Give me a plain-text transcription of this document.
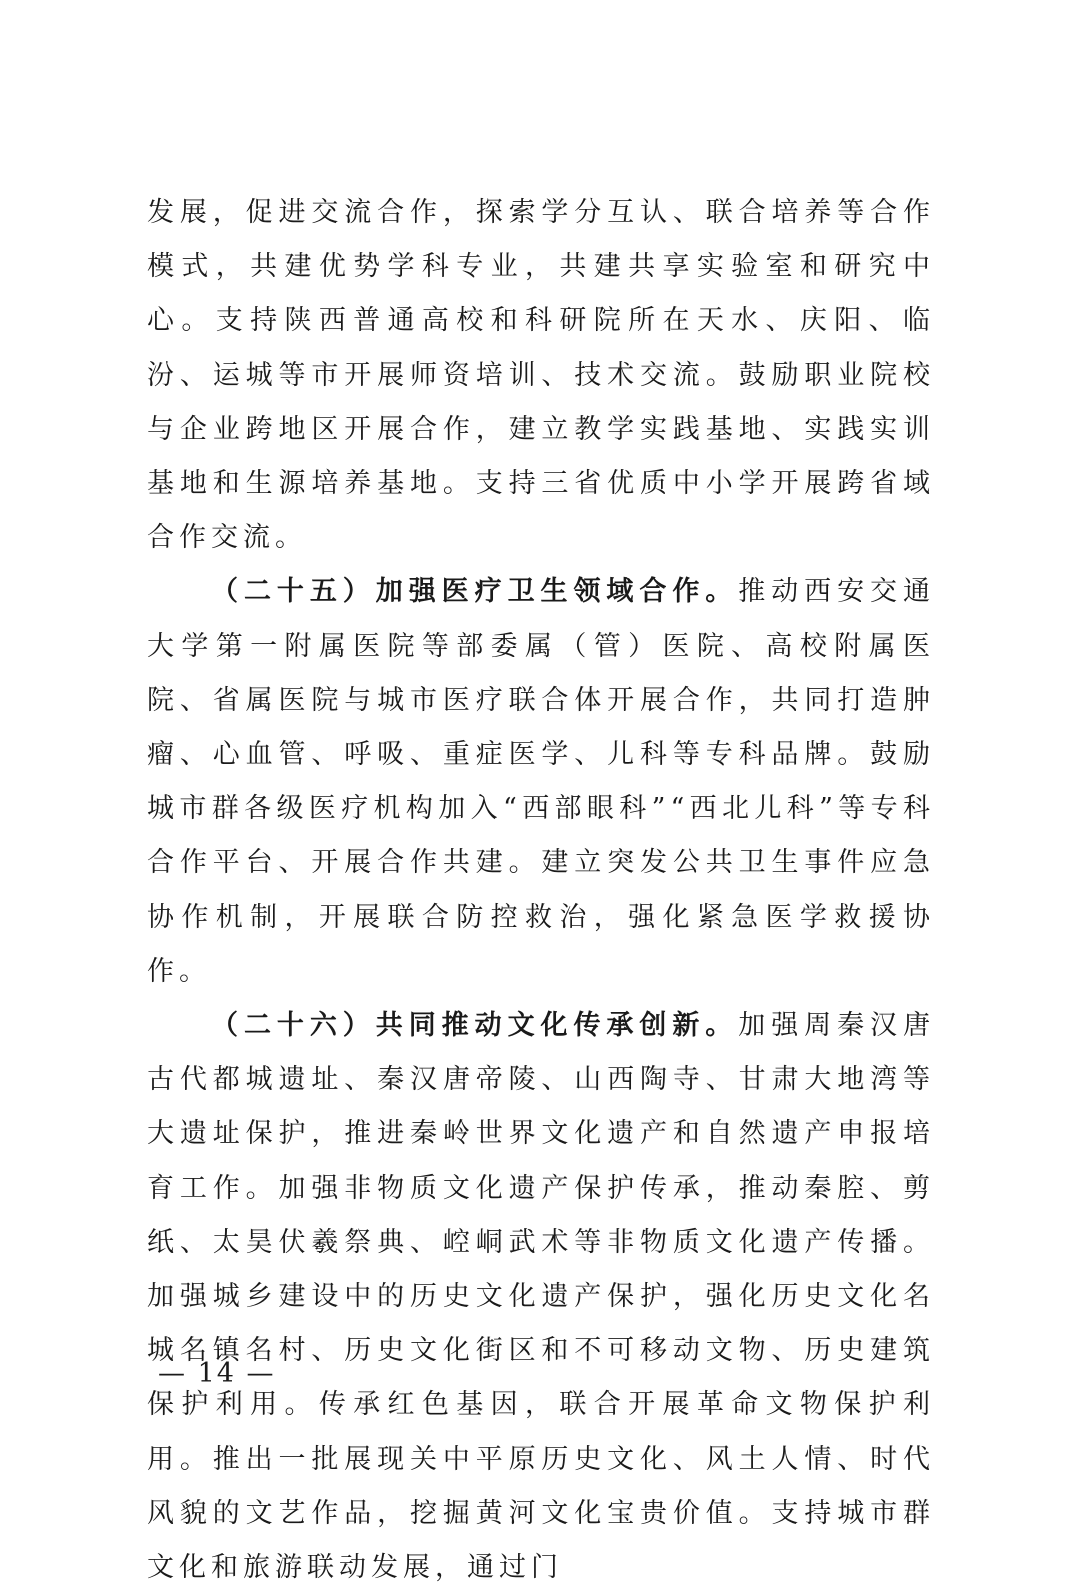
发展，促进交流合作，探索学分互认、联合培养等合作模式，共建优势学科专业，共建共享实验室和研究中心。支持陕西普通高校和科研院所在天水、庆阳、临汾、运城等市开展师资培训、技术交流。鼓励职业院校与企业跨地区开展合作，建立教学实践基地、实践实训基地和生源培养基地。支持三省优质中小学开展跨省域合作交流。

（二十五）加强医疗卫生领域合作。推动西安交通大学第一附属医院等部委属（管）医院、高校附属医院、省属医院与城市医疗联合体开展合作，共同打造肿瘤、心血管、呼吸、重症医学、儿科等专科品牌。鼓励城市群各级医疗机构加入“西部眼科”“西北儿科”等专科合作平台、开展合作共建。建立突发公共卫生事件应急协作机制，开展联合防控救治，强化紧急医学救援协作。

（二十六）共同推动文化传承创新。加强周秦汉唐古代都城遗址、秦汉唐帝陵、山西陶寺、甘肃大地湾等大遗址保护，推进秦岭世界文化遗产和自然遗产申报培育工作。加强非物质文化遗产保护传承，推动秦腔、剪纸、太昊伏羲祭典、崆峒武术等非物质文化遗产传播。加强城乡建设中的历史文化遗产保护，强化历史文化名城名镇名村、历史文化街区和不可移动文物、历史建筑保护利用。传承红色基因，联合开展革命文物保护利用。推出一批展现关中平原历史文化、风土人情、时代风貌的文艺作品，挖掘黄河文化宝贵价值。支持城市群文化和旅游联动发展，通过门

— 14 —
